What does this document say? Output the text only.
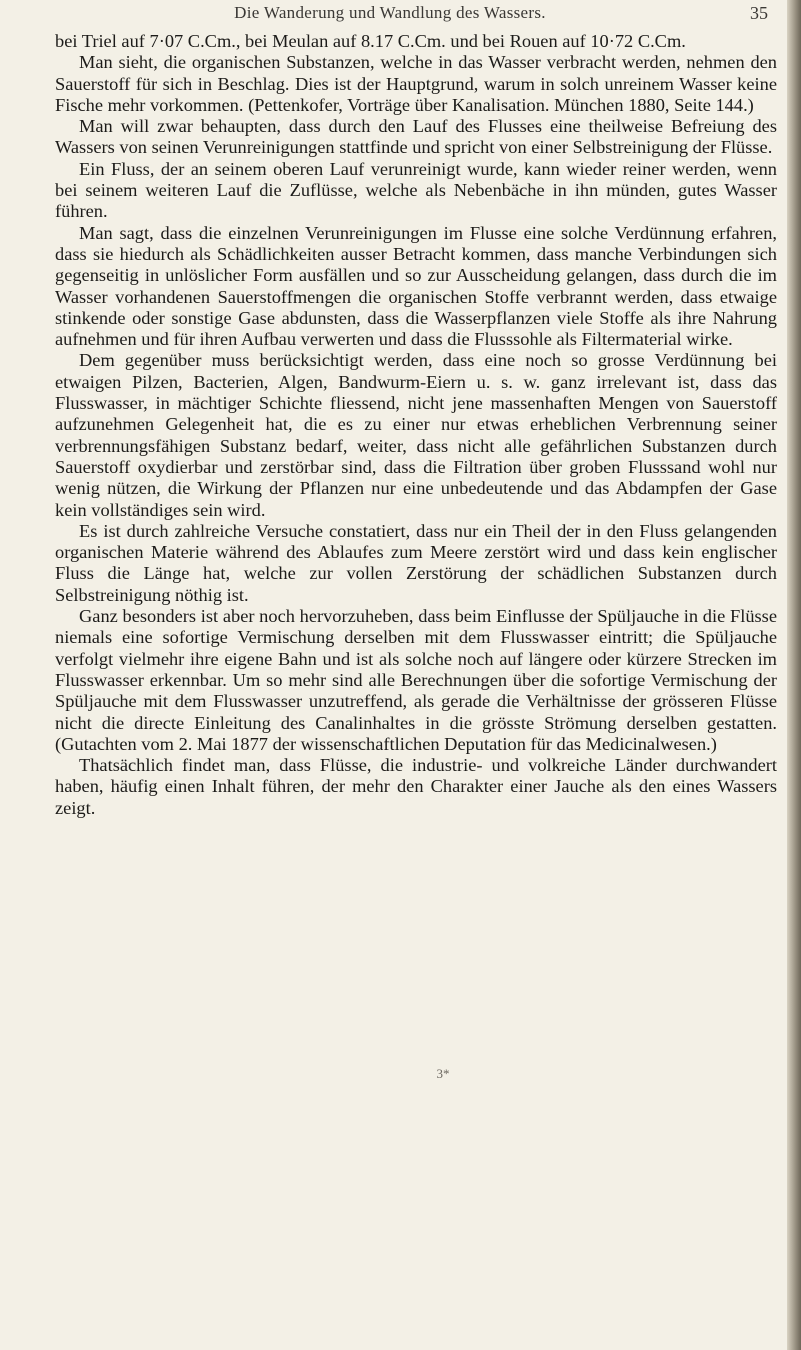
Die Wanderung und Wandlung des Wassers.	35

bei Triel auf 7·07 C.Cm., bei Meulan auf 8.17 C.Cm. und bei Rouen auf 10·72 C.Cm.

Man sieht, die organischen Substanzen, welche in das Wasser verbracht werden, nehmen den Sauerstoff für sich in Beschlag. Dies ist der Hauptgrund, warum in solch unreinem Wasser keine Fische mehr vorkommen. (Pettenkofer, Vorträge über Kanalisation. München 1880, Seite 144.)

Man will zwar behaupten, dass durch den Lauf des Flusses eine theilweise Befreiung des Wassers von seinen Verunreinigungen stattfinde und spricht von einer Selbstreinigung der Flüsse.

Ein Fluss, der an seinem oberen Lauf verunreinigt wurde, kann wieder reiner werden, wenn bei seinem weiteren Lauf die Zuflüsse, welche als Nebenbäche in ihn münden, gutes Wasser führen.

Man sagt, dass die einzelnen Verunreinigungen im Flusse eine solche Verdünnung erfahren, dass sie hiedurch als Schädlichkeiten ausser Betracht kommen, dass manche Verbindungen sich gegenseitig in unlöslicher Form ausfällen und so zur Ausscheidung gelangen, dass durch die im Wasser vorhandenen Sauerstoffmengen die organischen Stoffe verbrannt werden, dass etwaige stinkende oder sonstige Gase abdunsten, dass die Wasserpflanzen viele Stoffe als ihre Nahrung aufnehmen und für ihren Aufbau verwerten und dass die Flusssohle als Filtermaterial wirke.

Dem gegenüber muss berücksichtigt werden, dass eine noch so grosse Verdünnung bei etwaigen Pilzen, Bacterien, Algen, Bandwurm-Eiern u. s. w. ganz irrelevant ist, dass das Flusswasser, in mächtiger Schichte fliessend, nicht jene massenhaften Mengen von Sauerstoff aufzunehmen Gelegenheit hat, die es zu einer nur etwas erheblichen Verbrennung seiner verbrennungsfähigen Substanz bedarf, weiter, dass nicht alle gefährlichen Substanzen durch Sauerstoff oxydierbar und zerstörbar sind, dass die Filtration über groben Flusssand wohl nur wenig nützen, die Wirkung der Pflanzen nur eine unbedeutende und das Abdampfen der Gase kein vollständiges sein wird.

Es ist durch zahlreiche Versuche constatiert, dass nur ein Theil der in den Fluss gelangenden organischen Materie während des Ablaufes zum Meere zerstört wird und dass kein englischer Fluss die Länge hat, welche zur vollen Zerstörung der schädlichen Substanzen durch Selbstreinigung nöthig ist.

Ganz besonders ist aber noch hervorzuheben, dass beim Einflusse der Spüljauche in die Flüsse niemals eine sofortige Vermischung derselben mit dem Flusswasser eintritt; die Spüljauche verfolgt vielmehr ihre eigene Bahn und ist als solche noch auf längere oder kürzere Strecken im Flusswasser erkennbar. Um so mehr sind alle Berechnungen über die sofortige Vermischung der Spüljauche mit dem Flusswasser unzutreffend, als gerade die Verhältnisse der grösseren Flüsse nicht die directe Einleitung des Canalinhaltes in die grösste Strömung derselben gestatten. (Gutachten vom 2. Mai 1877 der wissenschaftlichen Deputation für das Medicinalwesen.)

Thatsächlich findet man, dass Flüsse, die industrie- und volkreiche Länder durchwandert haben, häufig einen Inhalt führen, der mehr den Charakter einer Jauche als den eines Wassers zeigt.

3*
